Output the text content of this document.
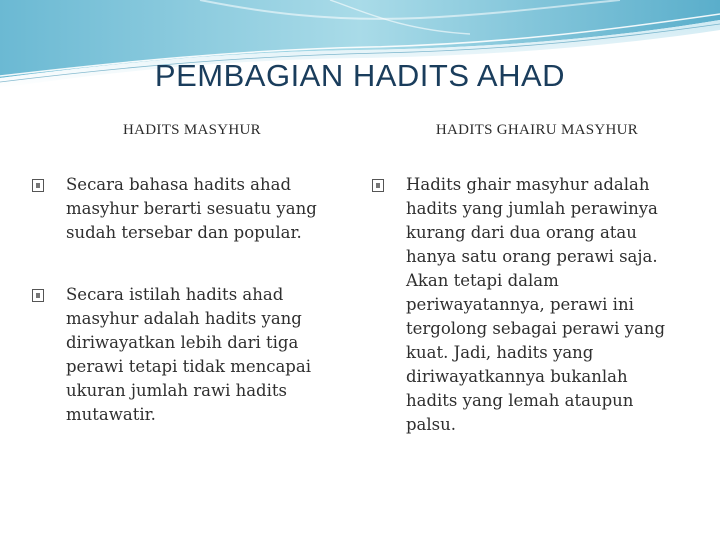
PEMBAGIAN HADITS AHAD
HADITS MASYHUR
Secara bahasa hadits ahad masyhur berarti sesuatu yang sudah tersebar dan popular.
Secara istilah hadits ahad masyhur adalah hadits yang diriwayatkan lebih dari tiga perawi tetapi tidak mencapai ukuran jumlah rawi hadits mutawatir.
HADITS GHAIRU MASYHUR
Hadits ghair masyhur adalah hadits yang jumlah perawinya kurang dari dua orang atau hanya satu orang perawi saja. Akan tetapi dalam periwayatannya, perawi ini tergolong sebagai perawi yang kuat. Jadi, hadits yang diriwayatkannya bukanlah hadits yang lemah ataupun palsu.
